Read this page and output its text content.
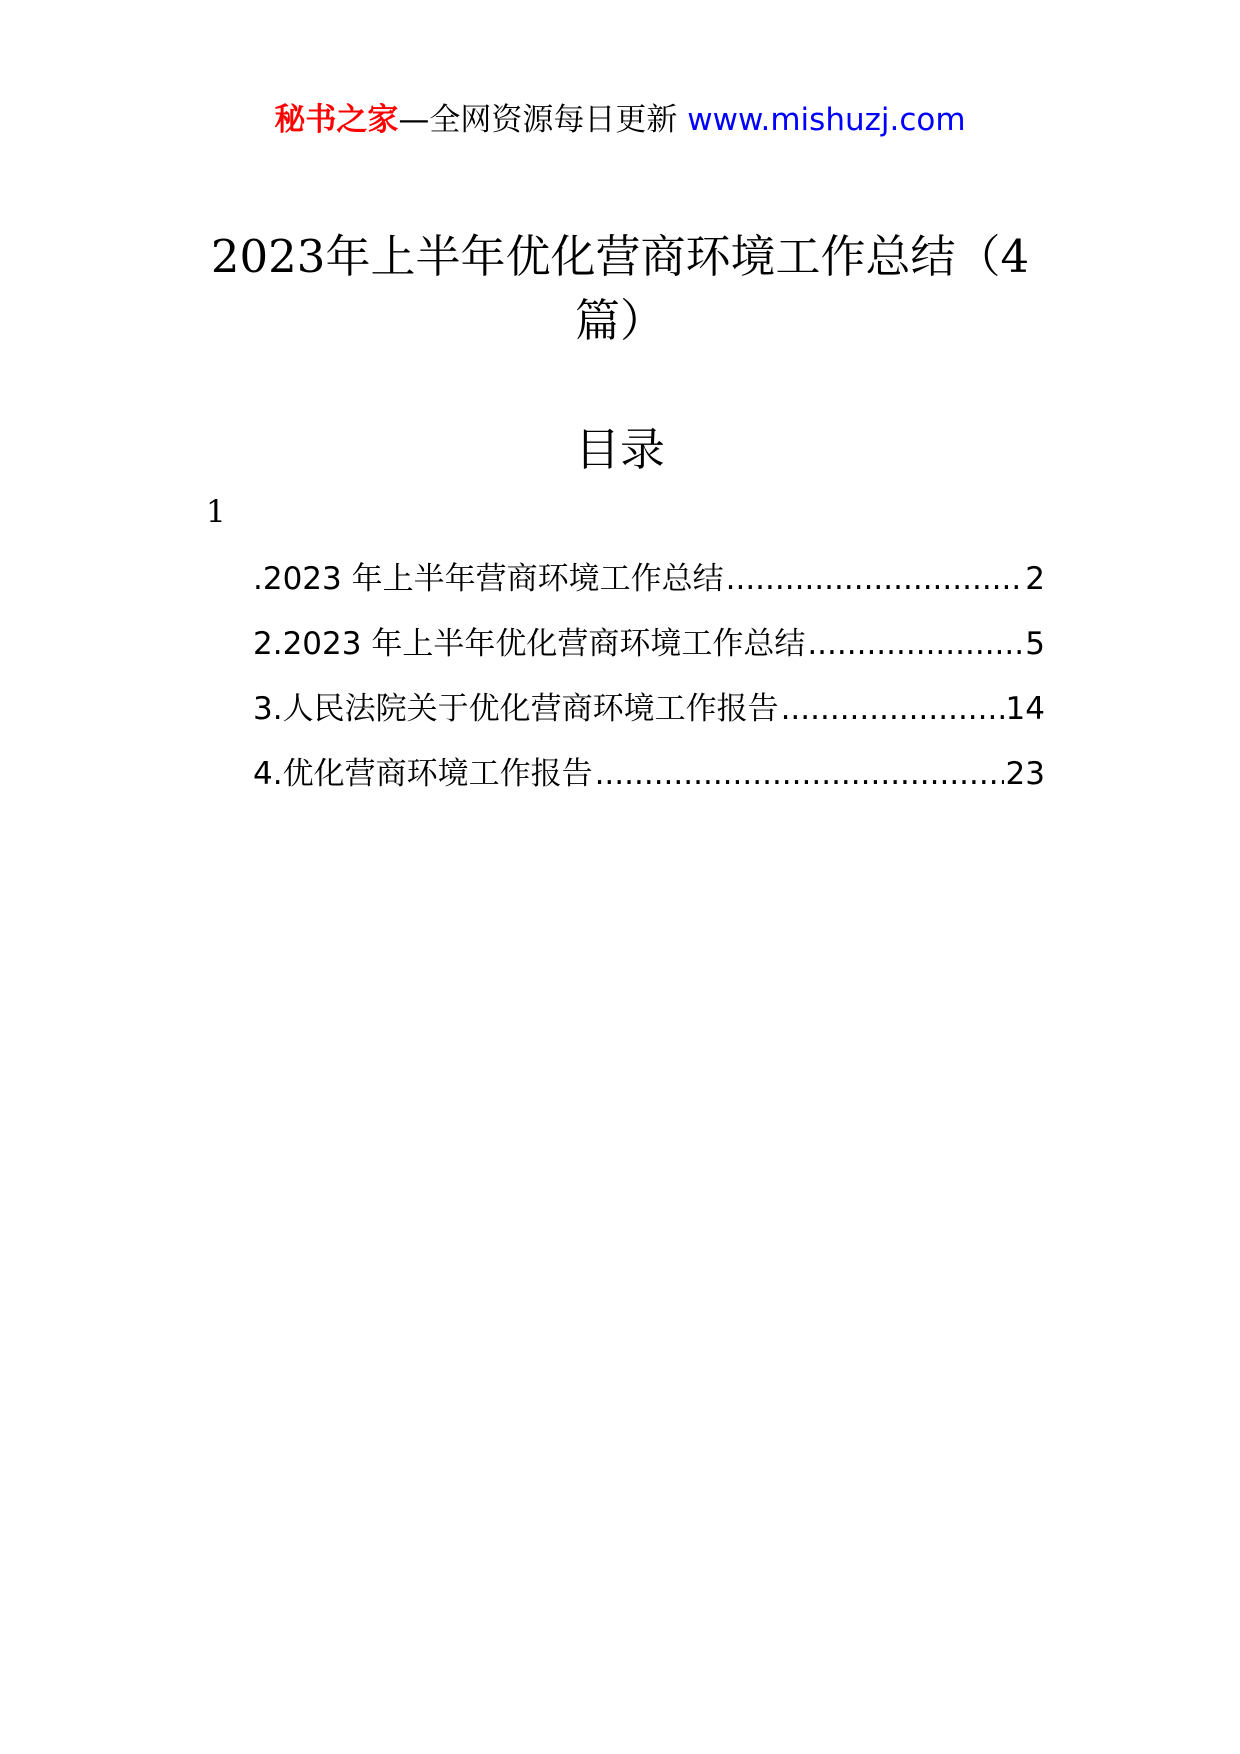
秘书之家—全网资源每日更新 www.mishuzj.com
2023年上半年优化营商环境工作总结（4
篇）
目录
1
.2023 年上半年营商环境工作总结 .....	2
2.2023 年上半年优化营商环境工作总结 .....	5
3.人民法院关于优化营商环境工作报告 .....	14
4.优化营商环境工作报告 .....	23
